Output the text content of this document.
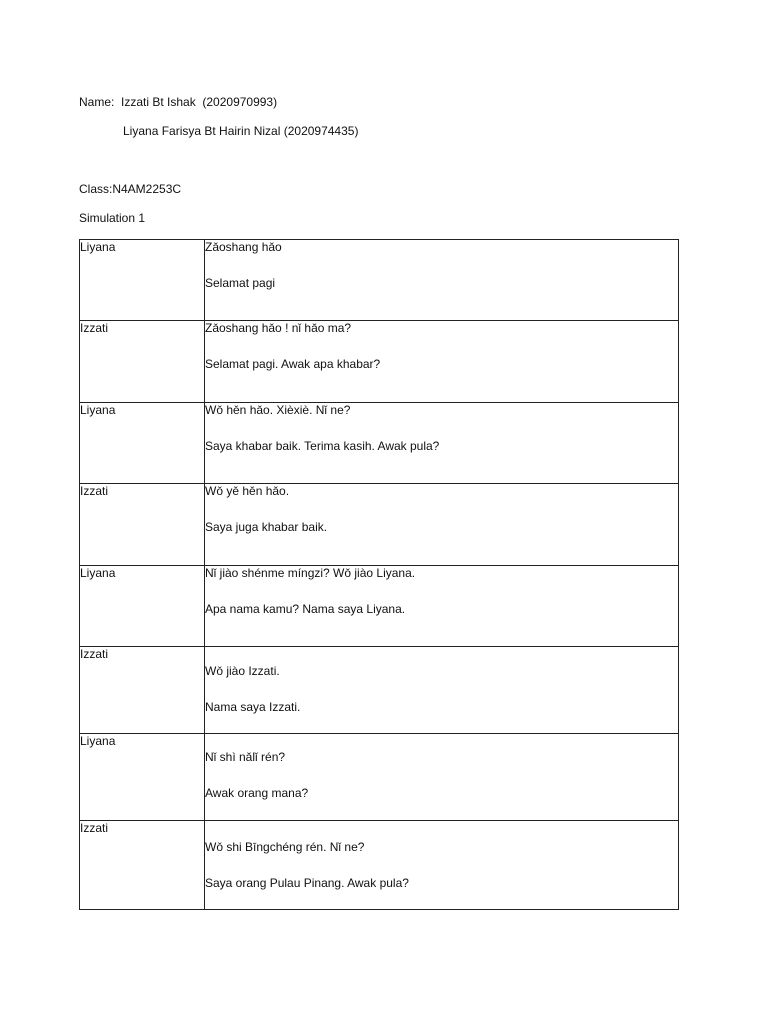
Name:  Izzati Bt Ishak  (2020970993)
Liyana Farisya Bt Hairin Nizal (2020974435)
Class:N4AM2253C
Simulation 1
Liyana	Zǎoshang hǎo
Selamat pagi

Izzati	Zǎoshang hǎo ! nǐ hǎo ma?
Selamat pagi. Awak apa khabar?

Liyana	Wǒ hěn hǎo. Xièxiè. Nǐ ne?
Saya khabar baik. Terima kasih. Awak pula?

Izzati	Wǒ yě hěn hǎo.
Saya juga khabar baik.

Liyana	Nǐ jiào shénme míngzi? Wǒ jiào Liyana.
Apa nama kamu? Nama saya Liyana.

Izzati	Wǒ jiào Izzati.
Nama saya Izzati.

Liyana	Nǐ shì nǎlǐ rén?
Awak orang mana?

Izzati	Wǒ shi Bīngchéng rén. Nǐ ne?
Saya orang Pulau Pinang. Awak pula?
